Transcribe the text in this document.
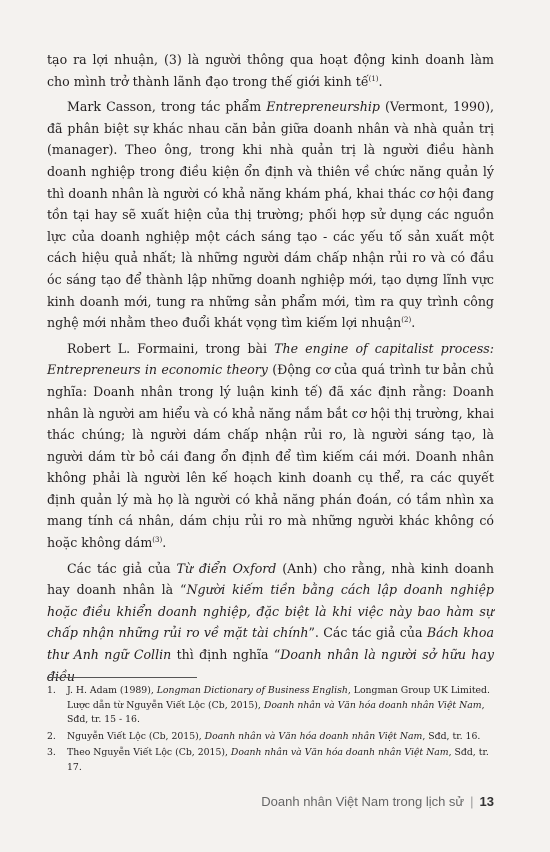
tạo ra lợi nhuận, (3) là người thông qua hoạt động kinh doanh làm cho mình trở thành lãnh đạo trong thế giới kinh tế$^{(1)}$.

Mark Casson, trong tác phẩm Entrepreneurship (Vermont, 1990), đã phân biệt sự khác nhau căn bản giữa doanh nhân và nhà quản trị (manager). Theo ông, trong khi nhà quản trị là người điều hành doanh nghiệp trong điều kiện ổn định và thiên về chức năng quản lý thì doanh nhân là người có khả năng khám phá, khai thác cơ hội đang tồn tại hay sẽ xuất hiện của thị trường; phối hợp sử dụng các nguồn lực của doanh nghiệp một cách sáng tạo - các yếu tố sản xuất một cách hiệu quả nhất; là những người dám chấp nhận rủi ro và có đầu óc sáng tạo để thành lập những doanh nghiệp mới, tạo dựng lĩnh vực kinh doanh mới, tung ra những sản phẩm mới, tìm ra quy trình công nghệ mới nhằm theo đuổi khát vọng tìm kiếm lợi nhuận$^{(2)}$.

Robert L. Formaini, trong bài The engine of capitalist process: Entrepreneurs in economic theory (Động cơ của quá trình tư bản chủ nghĩa: Doanh nhân trong lý luận kinh tế) đã xác định rằng: Doanh nhân là người am hiểu và có khả năng nắm bắt cơ hội thị trường, khai thác chúng; là người dám chấp nhận rủi ro, là người sáng tạo, là người dám từ bỏ cái đang ổn định để tìm kiếm cái mới. Doanh nhân không phải là người lên kế hoạch kinh doanh cụ thể, ra các quyết định quản lý mà họ là người có khả năng phán đoán, có tầm nhìn xa mang tính cá nhân, dám chịu rủi ro mà những người khác không có hoặc không dám$^{(3)}$.

Các tác giả của Từ điển Oxford (Anh) cho rằng, nhà kinh doanh hay doanh nhân là “Người kiếm tiền bằng cách lập doanh nghiệp hoặc điều khiển doanh nghiệp, đặc biệt là khi việc này bao hàm sự chấp nhận những rủi ro về mặt tài chính”. Các tác giả của Bách khoa thư Anh ngữ Collin thì định nghĩa “Doanh nhân là người sở hữu hay điều

1.	J. H. Adam (1989), Longman Dictionary of Business English, Longman Group UK Limited. Lược dẫn từ Nguyễn Viết Lộc (Cb, 2015), Doanh nhân và Văn hóa doanh nhân Việt Nam, Sđd, tr. 15 - 16.
2.	Nguyễn Viết Lộc (Cb, 2015), Doanh nhân và Văn hóa doanh nhân Việt Nam, Sđd, tr. 16.
3.	Theo Nguyễn Viết Lộc (Cb, 2015), Doanh nhân và Văn hóa doanh nhân Việt Nam, Sđd, tr. 17.
Doanh nhân Việt Nam trong lịch sử | 13
